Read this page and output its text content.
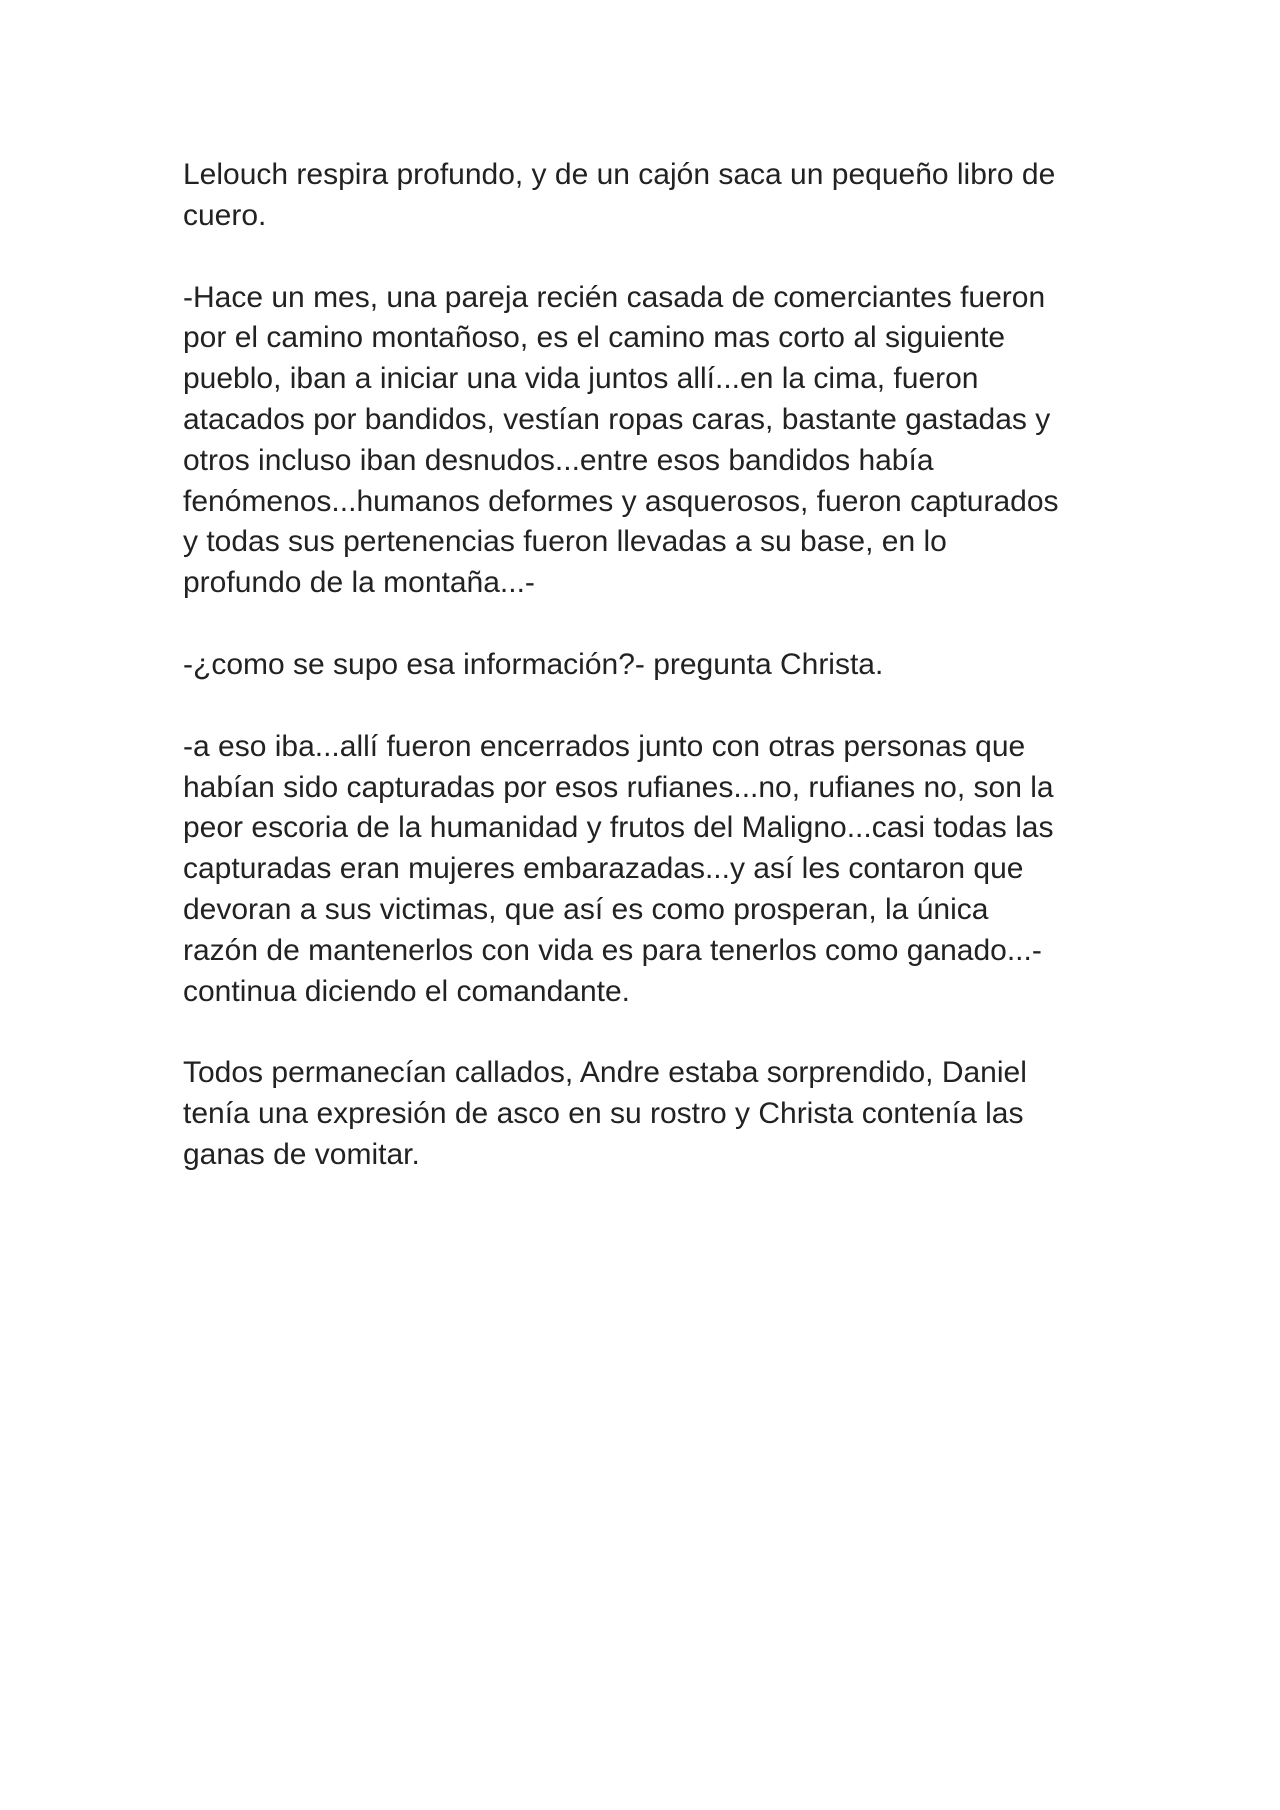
Lelouch respira profundo, y de un cajón saca un pequeño libro de
cuero.

-Hace un mes, una pareja recién casada de comerciantes fueron
por el camino montañoso, es el camino mas corto al siguiente
pueblo, iban a iniciar una vida juntos allí...en la cima, fueron
atacados por bandidos, vestían ropas caras, bastante gastadas y
otros incluso iban desnudos...entre esos bandidos había
fenómenos...humanos deformes y asquerosos, fueron capturados
y todas sus pertenencias fueron llevadas a su base, en lo
profundo de la montaña...-

-¿como se supo esa información?- pregunta Christa.

-a eso iba...allí fueron encerrados junto con otras personas que
habían sido capturadas por esos rufianes...no, rufianes no, son la
peor escoria de la humanidad y frutos del Maligno...casi todas las
capturadas eran mujeres embarazadas...y así les contaron que
devoran a sus victimas, que así es como prosperan, la única
razón de mantenerlos con vida es para tenerlos como ganado...-
continua diciendo el comandante.

Todos permanecían callados, Andre estaba sorprendido, Daniel
tenía una expresión de asco en su rostro y Christa contenía las
ganas de vomitar.
